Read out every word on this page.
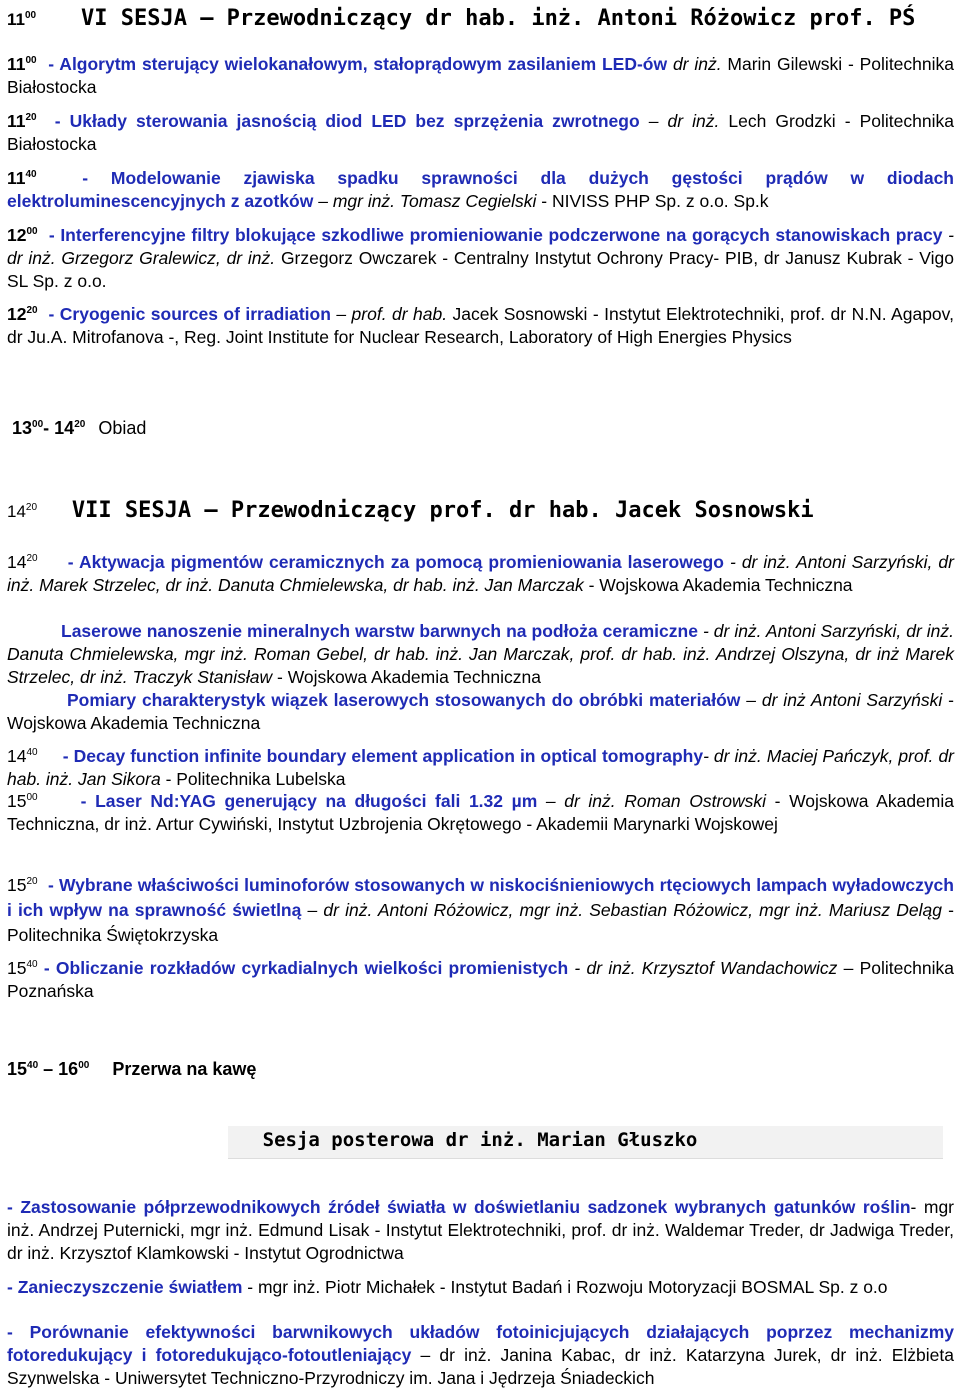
$11^{00}$ VI SESJA – Przewodniczący dr hab. inż. Antoni Różowicz prof. PŚ

$11^{00}$ - Algorytm sterujący wielokanałowym, stałoprądowym zasilaniem LED-ów dr inż. Marin Gilewski - Politechnika Białostocka

$11^{20}$ - Układy sterowania jasnością diod LED bez sprzężenia zwrotnego – dr inż. Lech Grodzki - Politechnika Białostocka

$11^{40}$	- Modelowanie zjawiska spadku sprawności dla dużych gęstości prądów w diodach elektroluminescencyjnych z azotków – mgr inż. Tomasz Cegielski - NIVISS PHP Sp. z o.o. Sp.k

$12^{00}$ - Interferencyjne filtry blokujące szkodliwe promieniowanie podczerwone na gorących stanowiskach pracy - dr inż. Grzegorz Gralewicz, dr inż. Grzegorz Owczarek - Centralny Instytut Ochrony Pracy- PIB, dr Janusz Kubrak - Vigo SL Sp. z o.o.

$12^{20}$ - Cryogenic sources of irradiation – prof. dr hab. Jacek Sosnowski - Instytut Elektrotechniki, prof. dr N.N. Agapov, dr Ju.A. Mitrofanova -, Reg. Joint Institute for Nuclear Research, Laboratory of High Energies Physics

$13^{00}-$ $14^{20}$ Obiad
$14^{20}$ VII SESJA – Przewodniczący prof. dr hab. Jacek Sosnowski

$14^{20}$ - Aktywacja pigmentów ceramicznych za pomocą promieniowania laserowego - dr inż. Antoni Sarzyński, dr inż. Marek Strzelec, dr inż. Danuta Chmielewska, dr hab. inż. Jan Marczak - Wojskowa Akademia Techniczna

Laserowe nanoszenie mineralnych warstw barwnych na podłoża ceramiczne - dr inż. Antoni Sarzyński, dr inż. Danuta Chmielewska, mgr inż. Roman Gebel, dr hab. inż. Jan Marczak, prof. dr hab. inż. Andrzej Olszyna, dr inż Marek Strzelec, dr inż. Traczyk Stanisław - Wojskowa Akademia Techniczna

Pomiary charakterystyk wiązek laserowych stosowanych do obróbki materiałów – dr inż Antoni Sarzyński - Wojskowa Akademia Techniczna

$14^{40}$ - Decay function infinite boundary element application in optical tomography- dr inż. Maciej Pańczyk, prof. dr hab. inż. Jan Sikora - Politechnika Lubelska

$15^{00}$ - Laser Nd:YAG generujący na długości fali 1.32 µm – dr inż. Roman Ostrowski - Wojskowa Akademia Techniczna, dr inż. Artur Cywiński, Instytut Uzbrojenia Okrętowego - Akademii Marynarki Wojskowej

$15^{20}$ - Wybrane właściwości luminoforów stosowanych w niskociśnieniowych rtęciowych lampach wyładowczych i ich wpływ na sprawność świetlną – dr inż. Antoni Różowicz, mgr inż. Sebastian Różowicz, mgr inż. Mariusz Deląg - Politechnika Świętokrzyska

$15^{40}$ - Obliczanie rozkładów cyrkadialnych wielkości promienistych - dr inż. Krzysztof Wandachowicz – Politechnika Poznańska

$15^{40} - 16^{00}$ Przerwa na kawę
Sesja posterowa dr inż. Marian Głuszko

- Zastosowanie półprzewodnikowych źródeł światła w doświetlaniu sadzonek wybranych gatunków roślin- mgr inż. Andrzej Puternicki, mgr inż. Edmund Lisak - Instytut Elektrotechniki, prof. dr inż. Waldemar Treder, dr Jadwiga Treder, dr inż. Krzysztof Klamkowski - Instytut Ogrodnictwa

- Zanieczyszczenie światłem - mgr inż. Piotr Michałek - Instytut Badań i Rozwoju Motoryzacji BOSMAL Sp. z o.o

- Porównanie efektywności barwnikowych układów fotoinicjujących działających poprzez mechanizmy fotoredukujący i fotoredukująco-fotoutleniający – dr inż. Janina Kabac, dr inż. Katarzyna Jurek, dr inż. Elżbieta Szynwelska - Uniwersytet Techniczno-Przyrodniczy im. Jana i Jędrzeja Śniadeckich
